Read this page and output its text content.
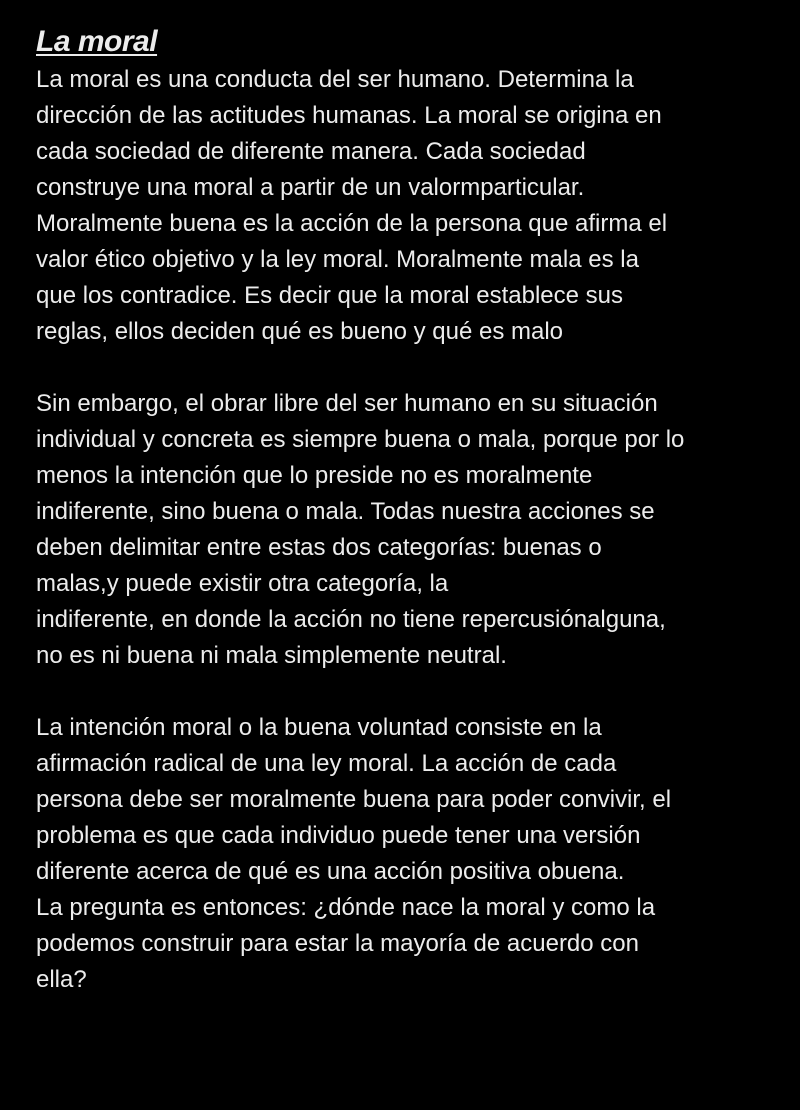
La moral
La moral es una conducta del ser humano. Determina la
dirección de las actitudes humanas. La moral se origina en
cada sociedad de diferente manera. Cada sociedad
construye una moral a partir de un valormparticular.
Moralmente buena es la acción de la persona que afirma el
valor ético objetivo y la ley moral. Moralmente mala es la
que los contradice. Es decir que la moral establece sus
reglas, ellos deciden qué es bueno y qué es malo
Sin embargo, el obrar libre del ser humano en su situación
individual y concreta es siempre buena o mala, porque por lo
menos la intención que lo preside no es moralmente
indiferente, sino buena o mala. Todas nuestra acciones se
deben delimitar entre estas dos categorías: buenas o
malas,y puede existir otra categoría, la
indiferente, en donde la acción no tiene repercusiónalguna,
no es ni buena ni mala simplemente neutral.
La intención moral o la buena voluntad consiste en la
afirmación radical de una ley moral. La acción de cada
persona debe ser moralmente buena para poder convivir, el
problema es que cada individuo puede tener una versión
diferente acerca de qué es una acción positiva obuena.
La pregunta es entonces: ¿dónde nace la moral y como la
podemos construir para estar la mayoría de acuerdo con
ella?
